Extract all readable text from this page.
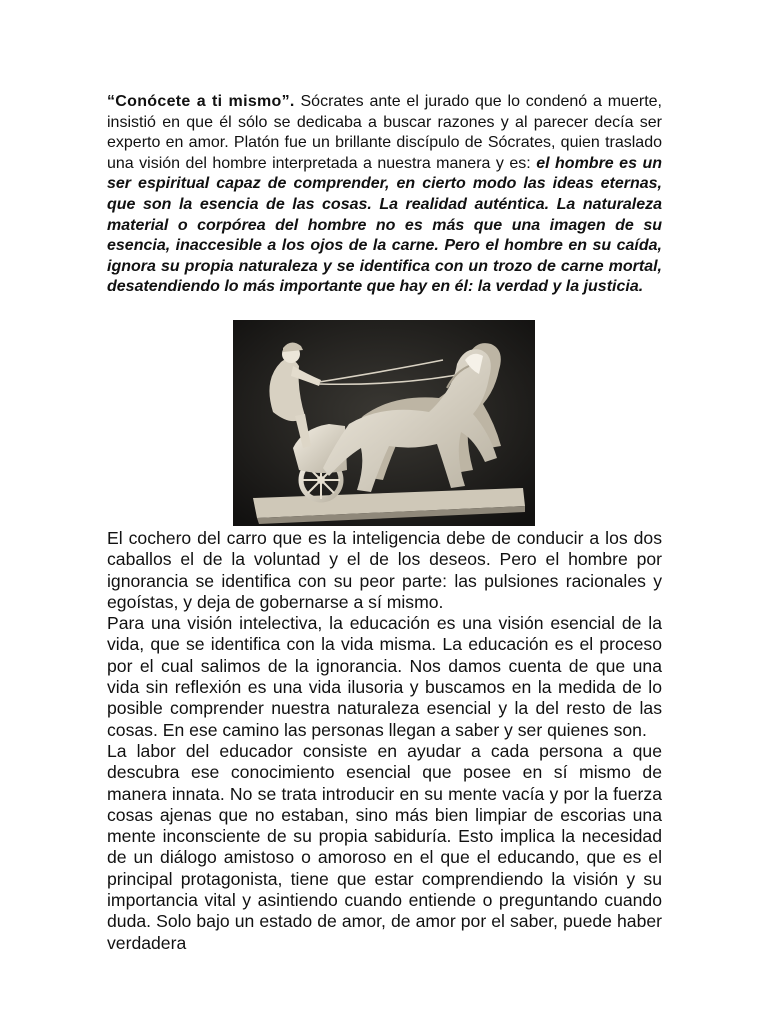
“Conócete a ti mismo”. Sócrates ante el jurado que lo condenó a muerte, insistió en que él sólo se dedicaba a buscar razones y al parecer decía ser experto en amor. Platón fue un brillante discípulo de Sócrates, quien traslado una visión del hombre interpretada a nuestra manera y es: el hombre es un ser espiritual capaz de comprender, en cierto modo las ideas eternas, que son la esencia de las cosas. La realidad auténtica. La naturaleza material o corpórea del hombre no es más que una imagen de su esencia, inaccesible a los ojos de la carne. Pero el hombre en su caída, ignora su propia naturaleza y se identifica con un trozo de carne mortal, desatendiendo lo más importante que hay en él: la verdad y la justicia.

El cochero del carro que es la inteligencia debe de conducir a los dos caballos el de la voluntad y el de los deseos. Pero el hombre por ignorancia se identifica con su peor parte: las pulsiones racionales y egoístas, y deja de gobernarse a sí mismo.

Para una visión intelectiva, la educación es una visión esencial de la vida, que se identifica con la vida misma. La educación es el proceso por el cual salimos de la ignorancia. Nos damos cuenta de que una vida sin reflexión es una vida ilusoria y buscamos en la medida de lo posible comprender nuestra naturaleza esencial y la del resto de las cosas. En ese camino las personas llegan a saber y ser quienes son.

La labor del educador consiste en ayudar a cada persona a que descubra ese conocimiento esencial que posee en sí mismo de manera innata. No se trata introducir en su mente vacía y por la fuerza cosas ajenas que no estaban, sino más bien limpiar de escorias una mente inconsciente de su propia sabiduría. Esto implica la necesidad de un diálogo amistoso o amoroso en el que el educando, que es el principal protagonista, tiene que estar comprendiendo la visión y su importancia vital y asintiendo cuando entiende o preguntando cuando duda. Solo bajo un estado de amor, de amor por el saber, puede haber verdadera
